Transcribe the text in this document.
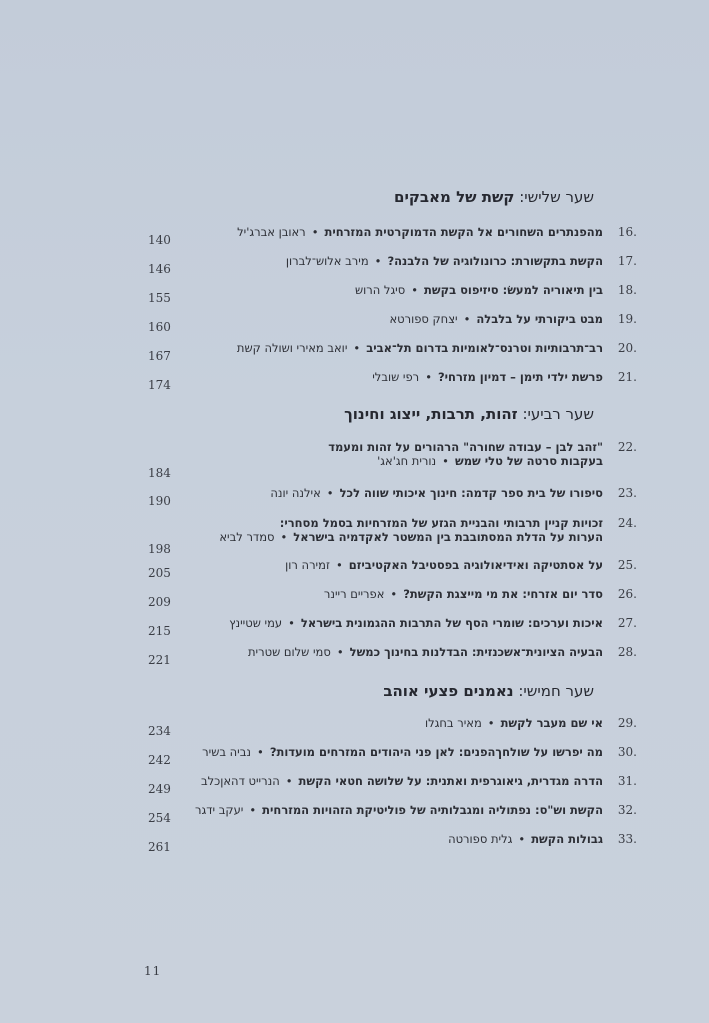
שער שלישי: קשת של מאבקים
16.
מהפנתרים השחורים אל הקשת הדמוקרטית המזרחית•ראובן אברג'יל
140
17.
הקשת בתקשורת: כרונולוגיה של הלבנה?•מירב אלוש־לברון
146
18.
בין תיאוריה למעשׂ: סיזיפוס בקשת•סיגל הרוש
155
19.
מבט ביקורתי על בלבלה•יצחק ספורטא
160
20.
רב־תרבותיות וטרנס־לאומיות בדרום תל־אביב•יואב מאירי ושולה קשת
167
21.
פרשת ילדי תימן – דמיון מזרחי?•רפי שובלי
174
שער רביעי: זהות, תרבות, ייצוג וחינוך
22.
"זהב לבן – עבודה שחורה" הרהורים על זהות ומעמד
בעקבות סרטה של טלי שמש•נורית חג'אג'
184
23.
סיפורו של בית ספר קדמה: חינוך איכותי שווה לכל•אילנה יונה
190
24.
זכויות קניין תרבותי והבניית הגזע של המזרחיות בסמל מסחרי:
הערות על הדלת המסתובבת בין המשטר לאקדמיה בישראל•סמדר לביא
198
25.
על אסתטיקה ואידיאולוגיה בפסטיבל האקטיביזם•זמירה רון
205
26.
סדר יום אזרחי: את מי מייצגת הקשת?•אפריים ריינר
209
27.
איכות וערכים: שומרי הסף של התרבות ההגמונית בישראל•עמי שטיינץ
215
28.
הבעיה הציונית־אשכנזית: הבדלנות בחינוך כמשל•סמי שלום שטרית
221
שער חמישי: נאמנים פצעי אוהב
29.
אי שם מעבר לקשת•מאיר בחגלו
234
30.
מה יפרשו על שולחךהפנים: לאן פני היהודים המזרחים מועדות?•נביה בשיר
242
31.
הדרה מגדרית, גיאוגרפית ואתנית: על שלושה חטאי הקשת•הנרייט דהאןכלב
249
32.
הקשת וש"ס: נפתוליה ומגבלותיה של פוליטיקת הזהויות המזרחית•יעקב ידגר
254
33.
גבולות הקשת•גלית ספורטה
261
11
